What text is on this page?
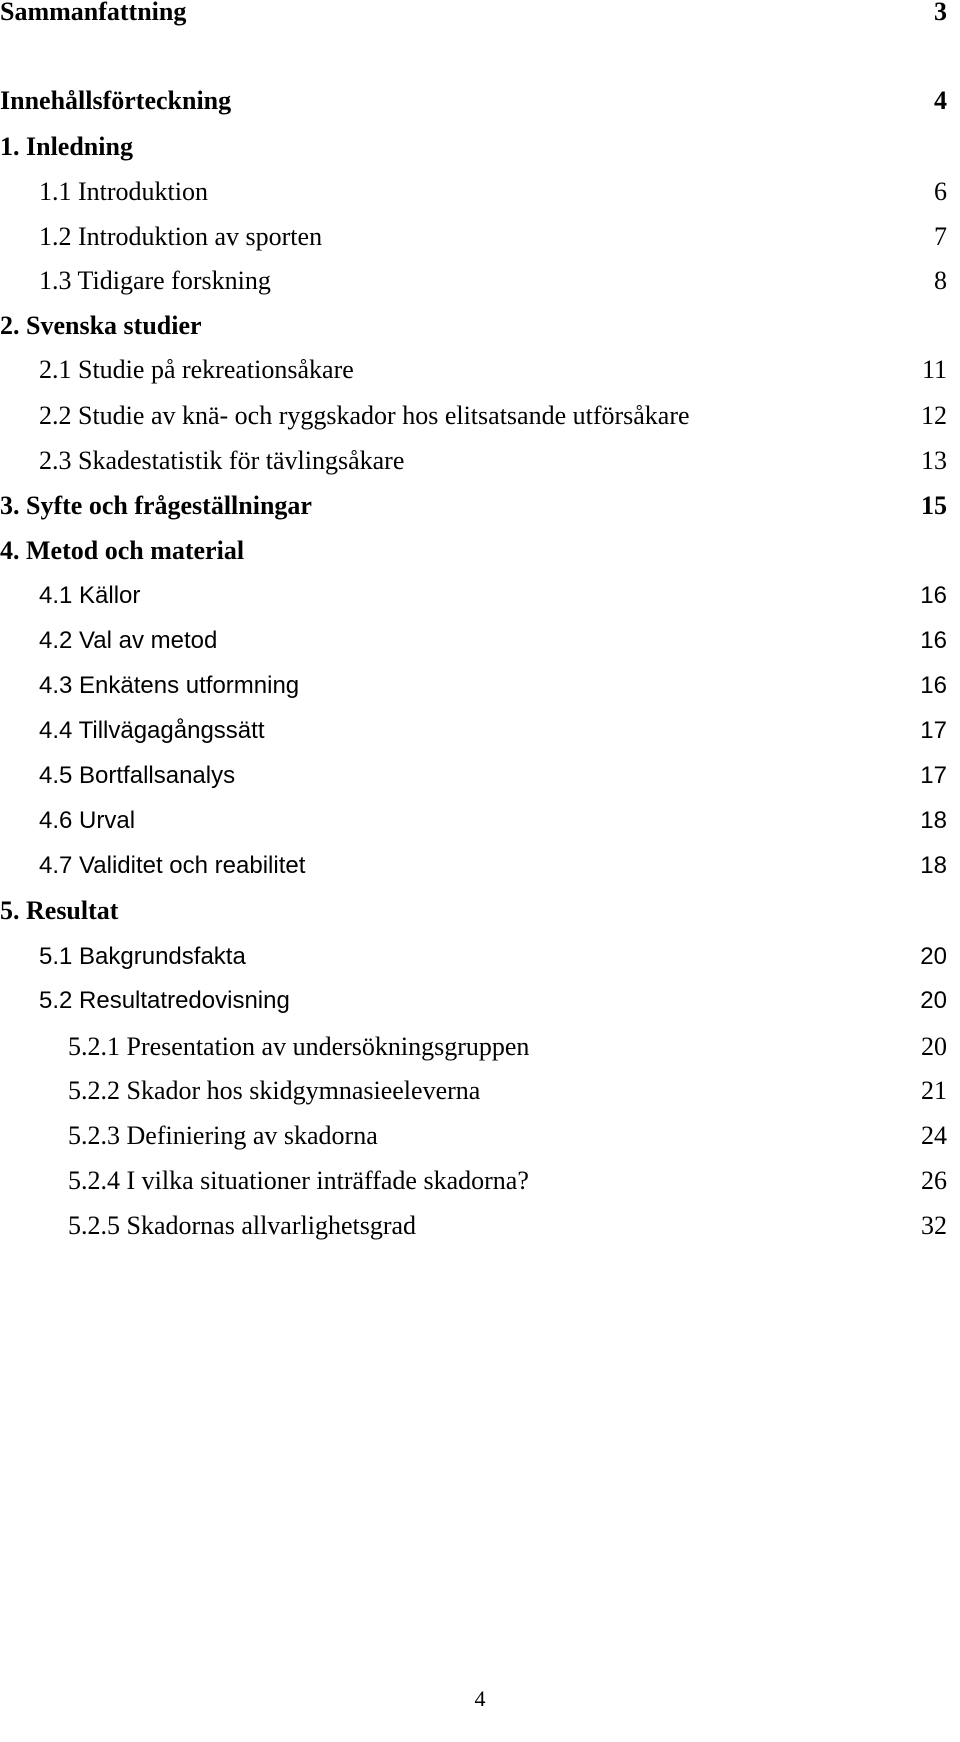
Sammanfattning	3
Innehållsförteckning	4
1. Inledning
1.1 Introduktion	6
1.2 Introduktion av sporten	7
1.3 Tidigare forskning	8
2. Svenska studier
2.1 Studie på rekreationsåkare	11
2.2 Studie av knä- och ryggskador hos elitsatsande utförsåkare	12
2.3 Skadestatistik för tävlingsåkare	13
3. Syfte och frågeställningar	15
4. Metod och material
4.1 Källor	16
4.2 Val av metod	16
4.3 Enkätens utformning	16
4.4 Tillvägagångssätt	17
4.5 Bortfallsanalys	17
4.6 Urval	18
4.7 Validitet och reabilitet	18
5. Resultat
5.1 Bakgrundsfakta	20
5.2 Resultatredovisning	20
5.2.1 Presentation av undersökningsgruppen	20
5.2.2 Skador hos skidgymnasieeleverna	21
5.2.3 Definiering av skadorna	24
5.2.4 I vilka situationer inträffade skadorna?	26
5.2.5 Skadornas allvarlighetsgrad	32
4
